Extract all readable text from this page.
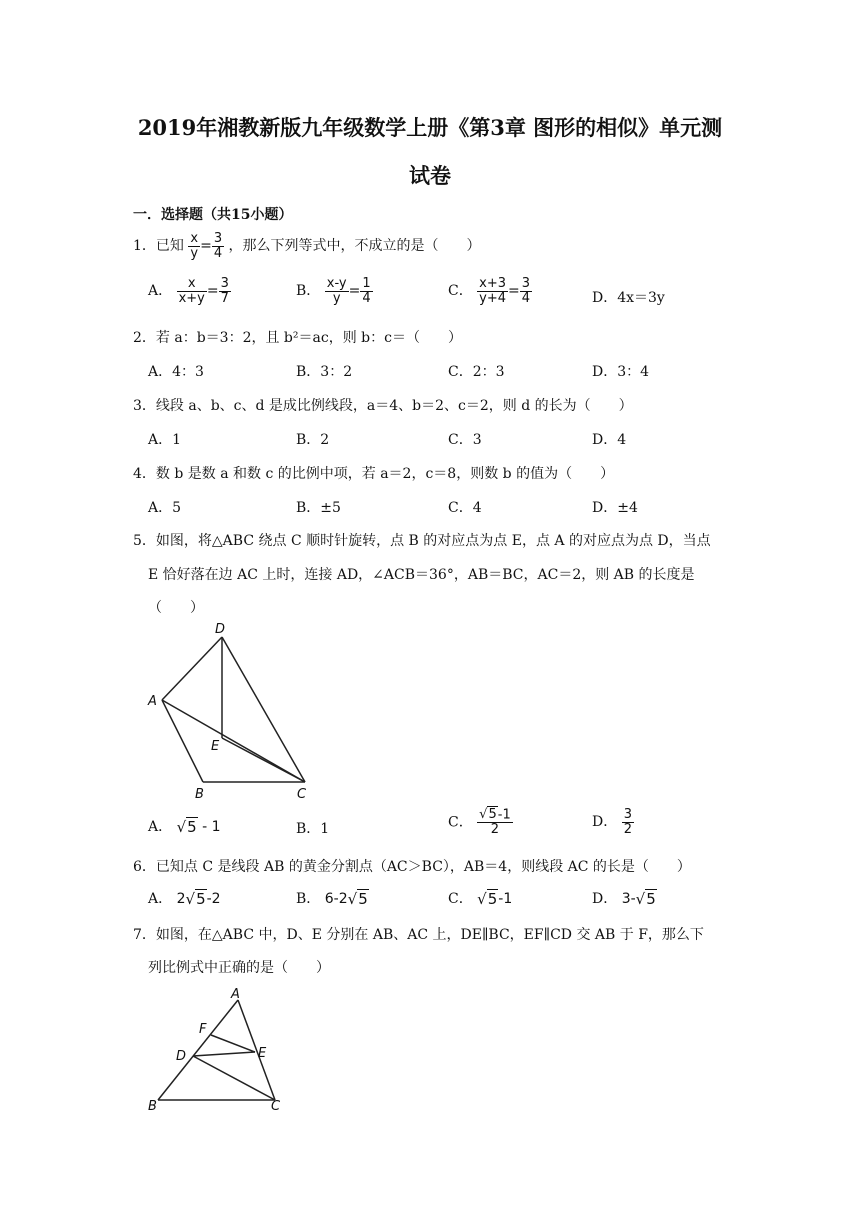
2019年湘教新版九年级数学上册《第3章 图形的相似》单元测
试卷
一．选择题（共15小题）
1．已知 $\frac{x}{y} = \frac{3}{4}$ ，那么下列等式中，不成立的是（　　）
A． $\frac{x}{x+y} = \frac{3}{7}$	B． $\frac{x-y}{y} = \frac{1}{4}$	C． $\frac{x+3}{y+4} = \frac{3}{4}$	D．4x＝3y
2．若 a：b＝3：2，且 b²＝ac，则 b：c＝（　　）
A．4：3	B．3：2	C．2：3	D．3：4
3．线段 a、b、c、d 是成比例线段，a＝4、b＝2、c＝2，则 d 的长为（　　）
A．1	B．2	C．3	D．4
4．数 b 是数 a 和数 c 的比例中项，若 a＝2，c＝8，则数 b 的值为（　　）
A．5	B．±5	C．4	D．±4
5．如图，将△ABC 绕点 C 顺时针旋转，点 B 的对应点为点 E，点 A 的对应点为点 D，当点
E 恰好落在边 AC 上时，连接 AD，∠ACB＝36°，AB＝BC，AC＝2，则 AB 的长度是
（　　）
D
A
E
B	C
A． √5 - 1	B．1	C． $\frac{√5-1}{2}$	D． $\frac{3}{2}$
6．已知点 C 是线段 AB 的黄金分割点（AC＞BC），AB＝4，则线段 AC 的长是（　　）
A． 2√5-2	B． 6-2√5	C． √5-1	D． 3-√5
7．如图，在△ABC 中，D、E 分别在 AB、AC 上，DE∥BC，EF∥CD 交 AB 于 F，那么下
列比例式中正确的是（　　）
A
F
D	E
B	C
